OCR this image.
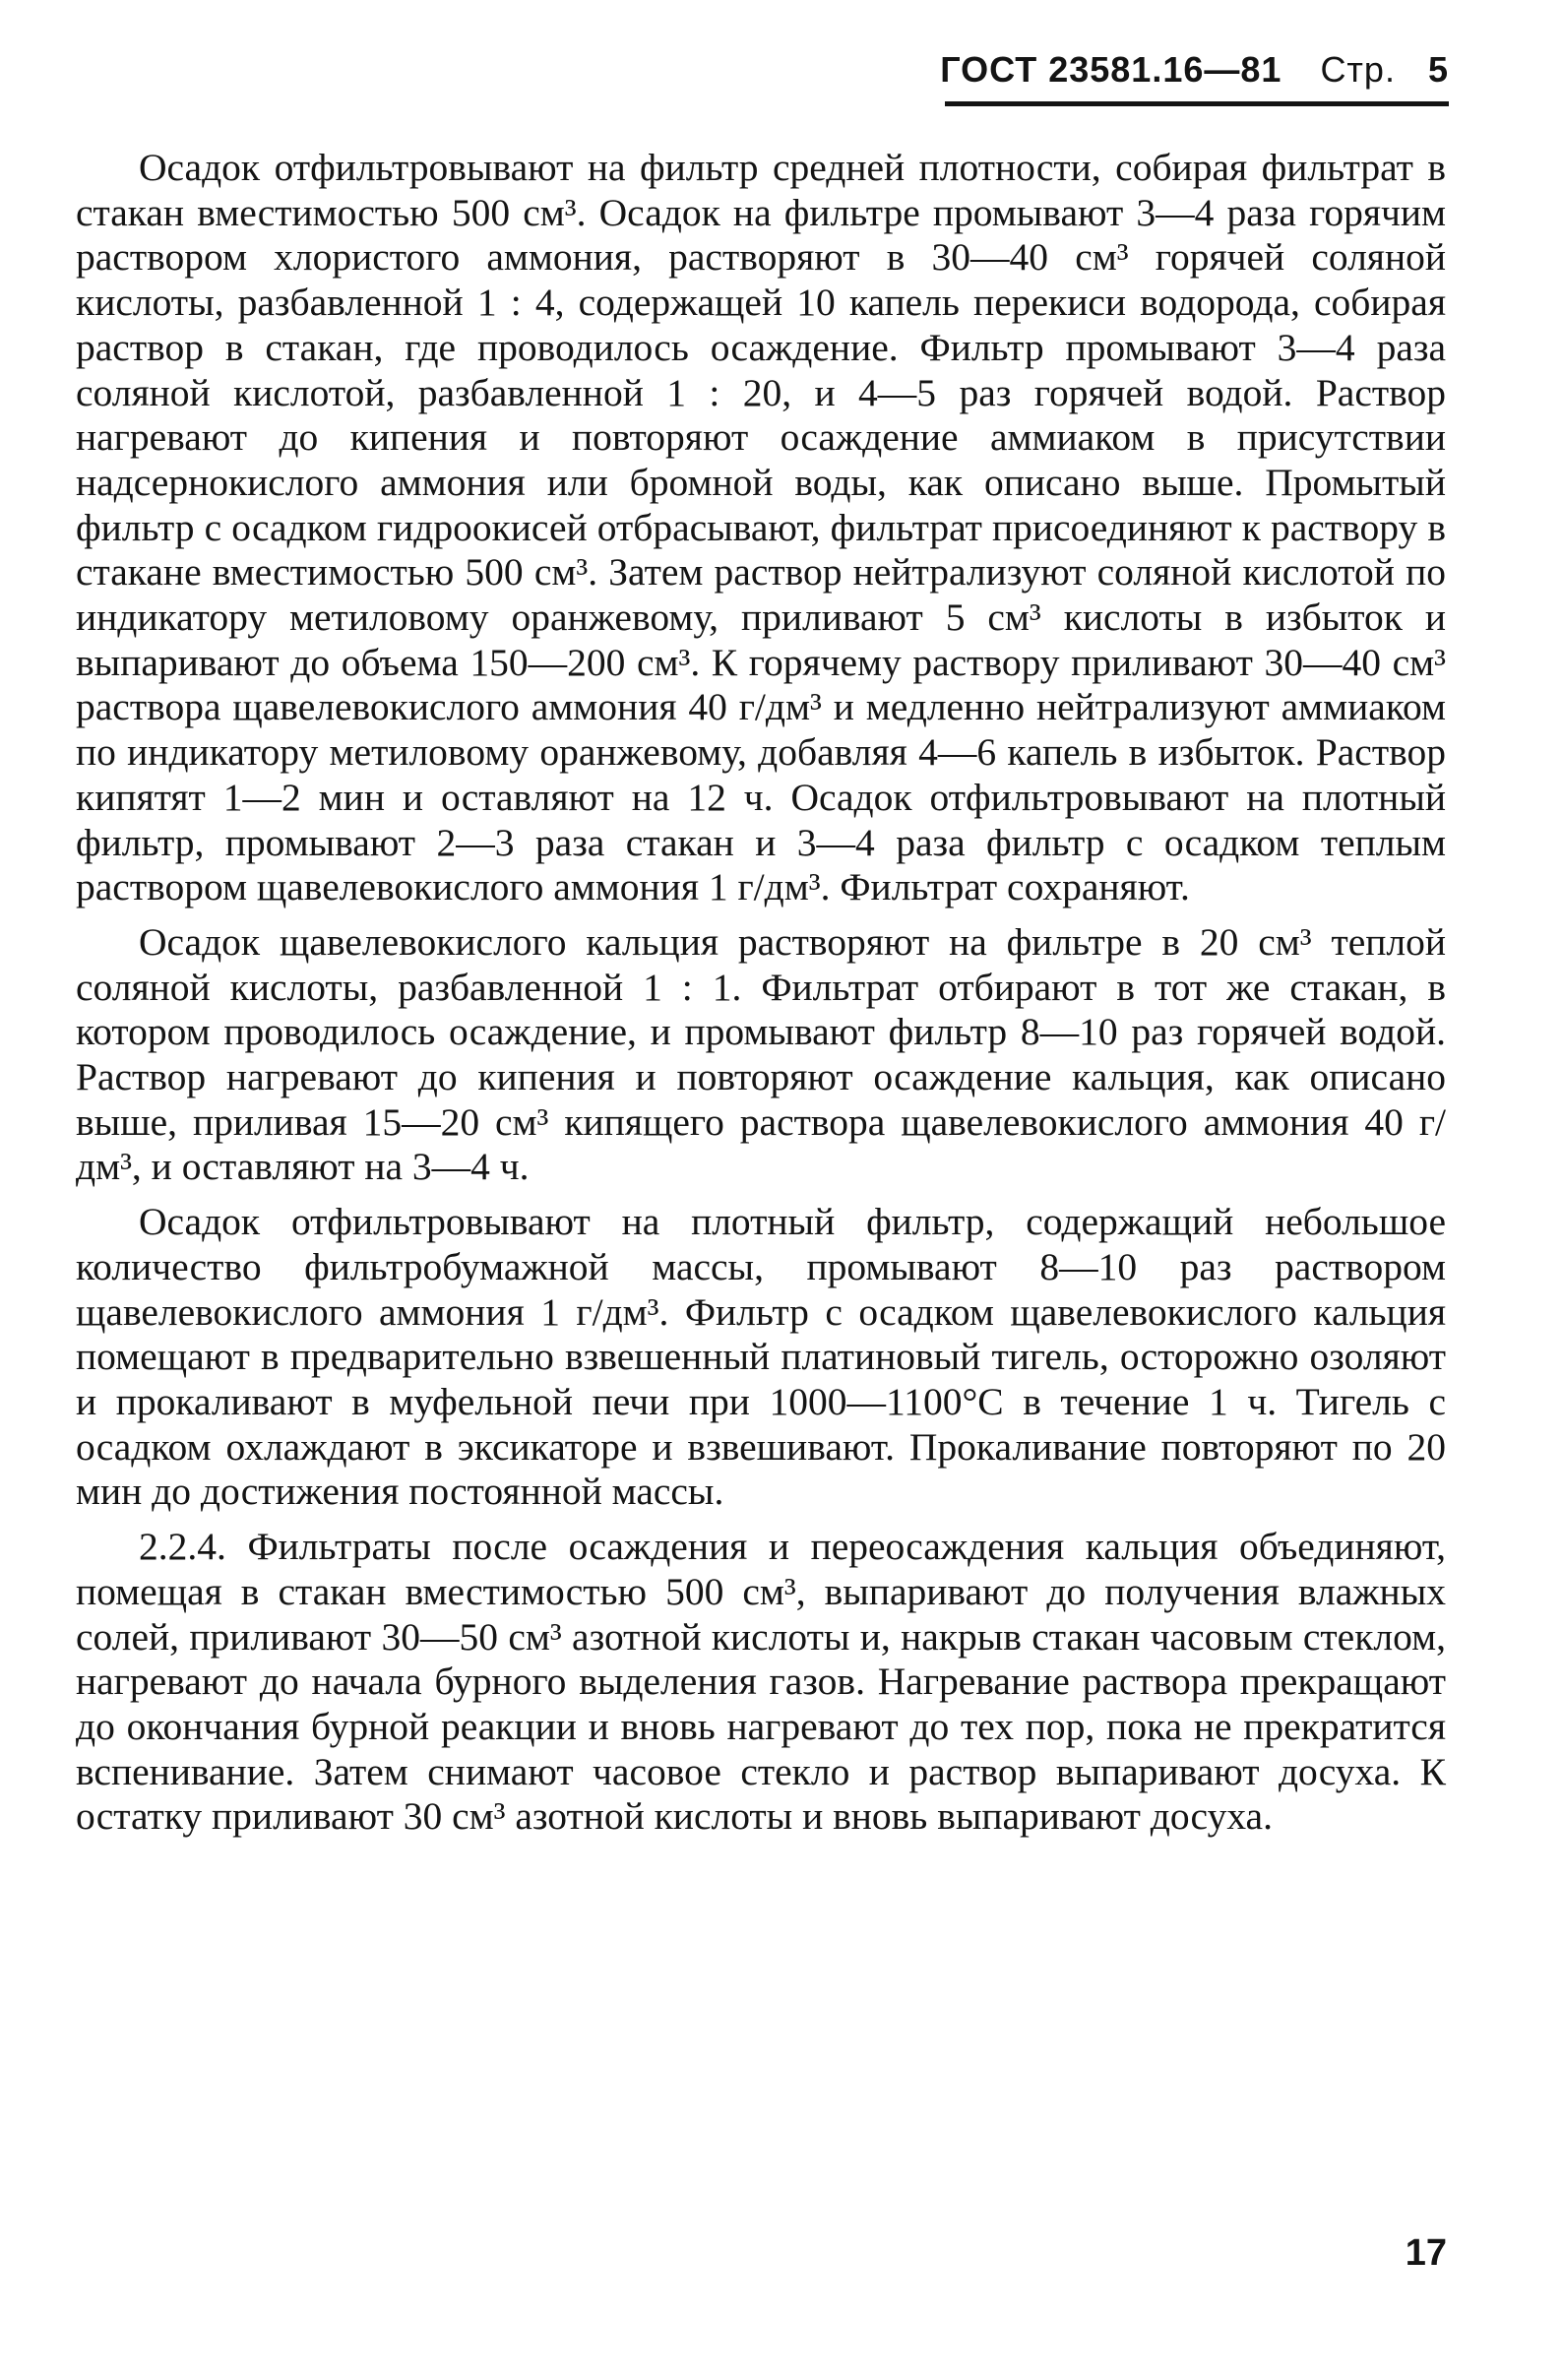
ГОСТ 23581.16—81 Стр. 5

Осадок отфильтровывают на фильтр средней плотности, собирая фильтрат в стакан вместимостью 500 см³. Осадок на фильтре промывают 3—4 раза горячим раствором хлористого аммония, растворяют в 30—40 см³ горячей соляной кислоты, разбавленной 1 : 4, содержащей 10 капель перекиси водорода, собирая раствор в стакан, где проводилось осаждение. Фильтр промывают 3—4 раза соляной кислотой, разбавленной 1 : 20, и 4—5 раз горячей водой. Раствор нагревают до кипения и повторяют осаждение аммиаком в присутствии надсернокислого аммония или бромной воды, как описано выше. Промытый фильтр с осадком гидроокисей отбрасывают, фильтрат присоединяют к раствору в стакане вместимостью 500 см³. Затем раствор нейтрализуют соляной кислотой по индикатору метиловому оранжевому, приливают 5 см³ кислоты в избыток и выпаривают до объема 150—200 см³. К горячему раствору приливают 30—40 см³ раствора щавелевокислого аммония 40 г/дм³ и медленно нейтрализуют аммиаком по индикатору метиловому оранжевому, добавляя 4—6 капель в избыток. Раствор кипятят 1—2 мин и оставляют на 12 ч. Осадок отфильтровывают на плотный фильтр, промывают 2—3 раза стакан и 3—4 раза фильтр с осадком теплым раствором щавелевокислого аммония 1 г/дм³. Фильтрат сохраняют.

Осадок щавелевокислого кальция растворяют на фильтре в 20 см³ теплой соляной кислоты, разбавленной 1 : 1. Фильтрат отбирают в тот же стакан, в котором проводилось осаждение, и промывают фильтр 8—10 раз горячей водой. Раствор нагревают до кипения и повторяют осаждение кальция, как описано выше, приливая 15—20 см³ кипящего раствора щавелевокислого аммония 40 г/дм³, и оставляют на 3—4 ч.

Осадок отфильтровывают на плотный фильтр, содержащий небольшое количество фильтробумажной массы, промывают 8—10 раз раствором щавелевокислого аммония 1 г/дм³. Фильтр с осадком щавелевокислого кальция помещают в предварительно взвешенный платиновый тигель, осторожно озоляют и прокаливают в муфельной печи при 1000—1100°С в течение 1 ч. Тигель с осадком охлаждают в эксикаторе и взвешивают. Прокаливание повторяют по 20 мин до достижения постоянной массы.

2.2.4. Фильтраты после осаждения и переосаждения кальция объединяют, помещая в стакан вместимостью 500 см³, выпаривают до получения влажных солей, приливают 30—50 см³ азотной кислоты и, накрыв стакан часовым стеклом, нагревают до начала бурного выделения газов. Нагревание раствора прекращают до окончания бурной реакции и вновь нагревают до тех пор, пока не прекратится вспенивание. Затем снимают часовое стекло и раствор выпаривают досуха. К остатку приливают 30 см³ азотной кислоты и вновь выпаривают досуха.

17
